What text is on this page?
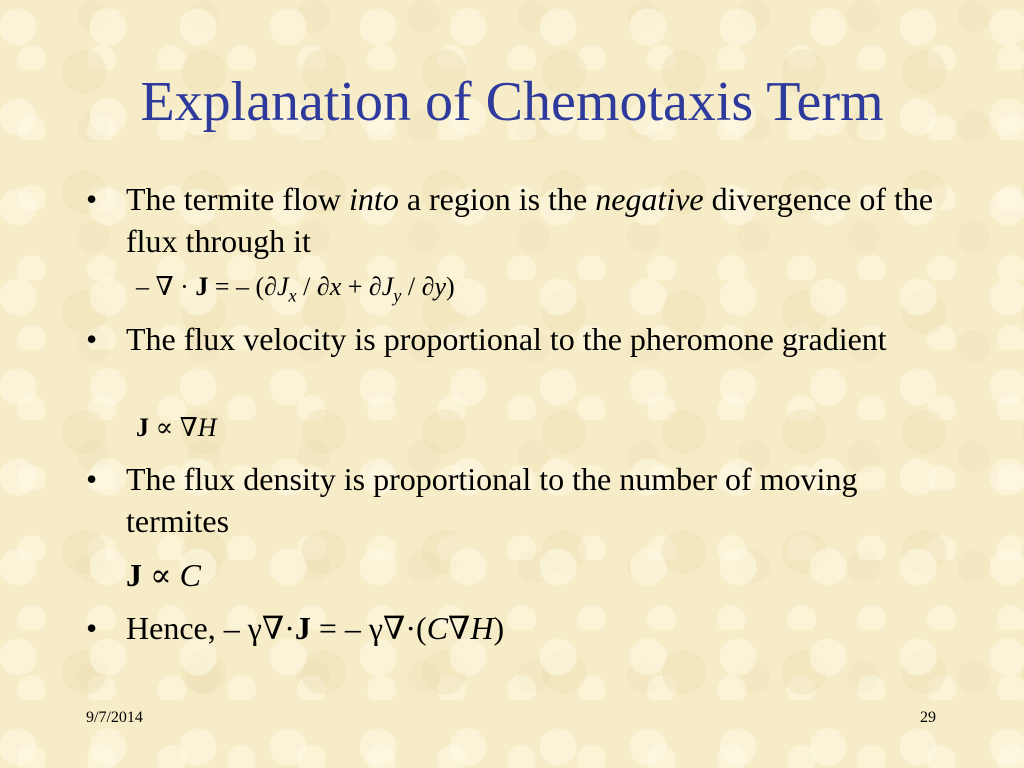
Explanation of Chemotaxis Term
• The termite flow into a region is the negative divergence of the flux through it
– ∇ · J = – $(\partial J_x / \partial x + \partial J_y / \partial y)$
• The flux velocity is proportional to the pheromone gradient
J ∝ ∇H
• The flux density is proportional to the number of moving termites
J ∝ C
• Hence, – γ∇·J = – γ∇·(C∇H)
9/7/2014	29
